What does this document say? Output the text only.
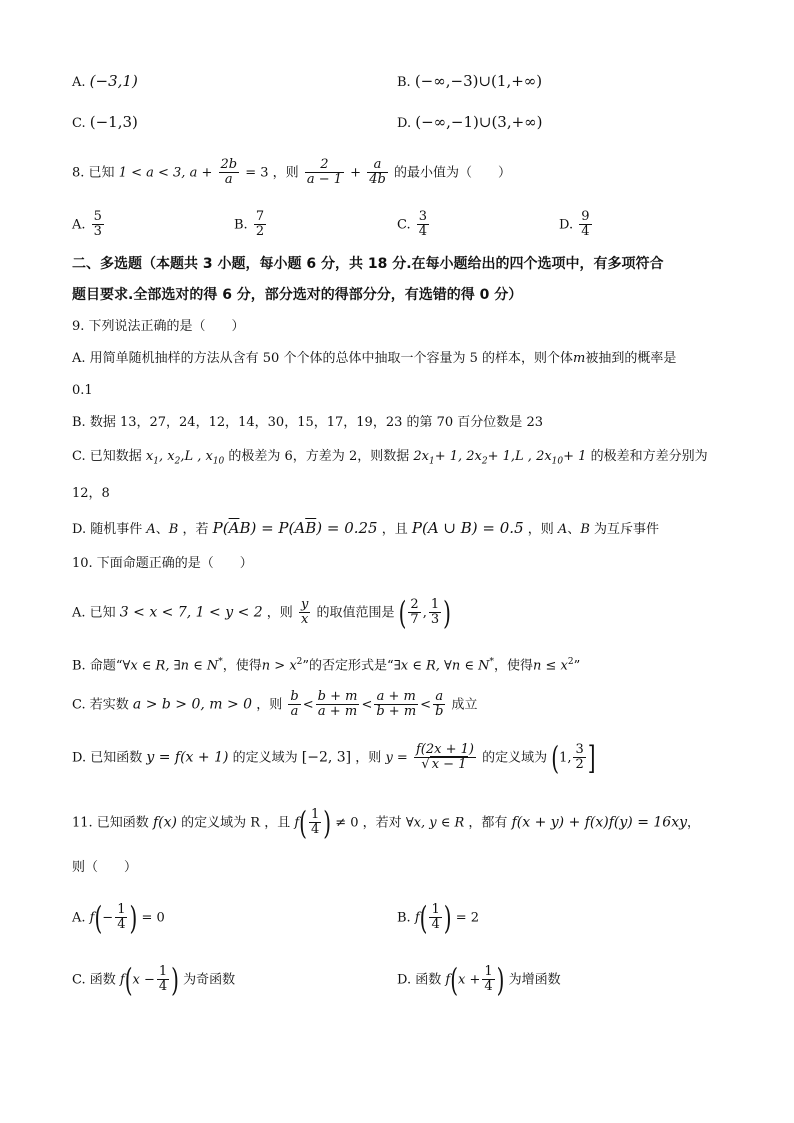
A. (−3,1)	B. (−∞,−3)∪(1,+∞)
C. (−1,3)	D. (−∞,−1)∪(3,+∞)
8. 已知 1 < a < 3, $a + \frac{2b}{a} = 3$ ，则 $\frac{2}{a - 1} + \frac{a}{4b}$ 的最小值为（　　）
A. $\frac{5}{3}$	B. $\frac{7}{2}$	C. $\frac{3}{4}$	D. $\frac{9}{4}$
二、多选题（本题共 3 小题，每小题 6 分，共 18 分.在每小题给出的四个选项中，有多项符合
题目要求.全部选对的得 6 分，部分选对的得部分分，有选错的得 0 分）
9. 下列说法正确的是（　　）
A. 用简单随机抽样的方法从含有 50 个个体的总体中抽取一个容量为 5 的样本，则个体m被抽到的概率是
0.1
B. 数据 13，27，24，12，14，30，15，17，19，23 的第 70 百分位数是 23
C. 已知数据 $x_1$, $x_2,L$ , $x_{10}$ 的极差为 6，方差为 2，则数据 $2x_1+ 1$, $2x_2+ 1,L$ , $2x_{10}+ 1$ 的极差和方差分别为
12，8
D. 随机事件 A、B ，若 $P(\overline{A}B) = P(A\overline{B}) = 0.25$ ，且 P(A ∪ B) = 0.5 ，则 A、B 为互斥事件
10. 下面命题正确的是（　　）
A. 已知 3 < x < 7, 1 < y < 2 ，则 $\frac{y}{x}$ 的取值范围是 ( $\frac{2}{7}$ , $\frac{1}{3}$ )
B. 命题“∀x ∈ R, ∃n ∈ N*，使得$n > x^2$”的否定形式是“∃x ∈ R, ∀n ∈ N*，使得$n \le x^2$”
C. 若实数 a > b > 0, m > 0 ，则 $\frac{b}{a} < \frac{b + m}{a + m} < \frac{a + m}{b + m} < \frac{a}{b}$ 成立
D. 已知函数 y = f(x + 1) 的定义域为 [−2, 3] ，则 $y = \frac{f(2x + 1)}{√ x - 1}$ 的定义域为 (1, $\frac{3}{2}$ ]
11. 已知函数 f(x) 的定义域为 R ，且 $f( \frac{1}{4}$ ) ≠ 0 ，若对 ∀x, y ∈ R ，都有 f(x + y) + f(x)f(y) = 16xy，
则（　　）
A. $f(- \frac{1}{4}$ ) = 0	B. $f( \frac{1}{4}$ ) = 2
C. 函数 $f(x - \frac{1}{4}$ ) 为奇函数	D. 函数 $f(x + \frac{1}{4}$ ) 为增函数
